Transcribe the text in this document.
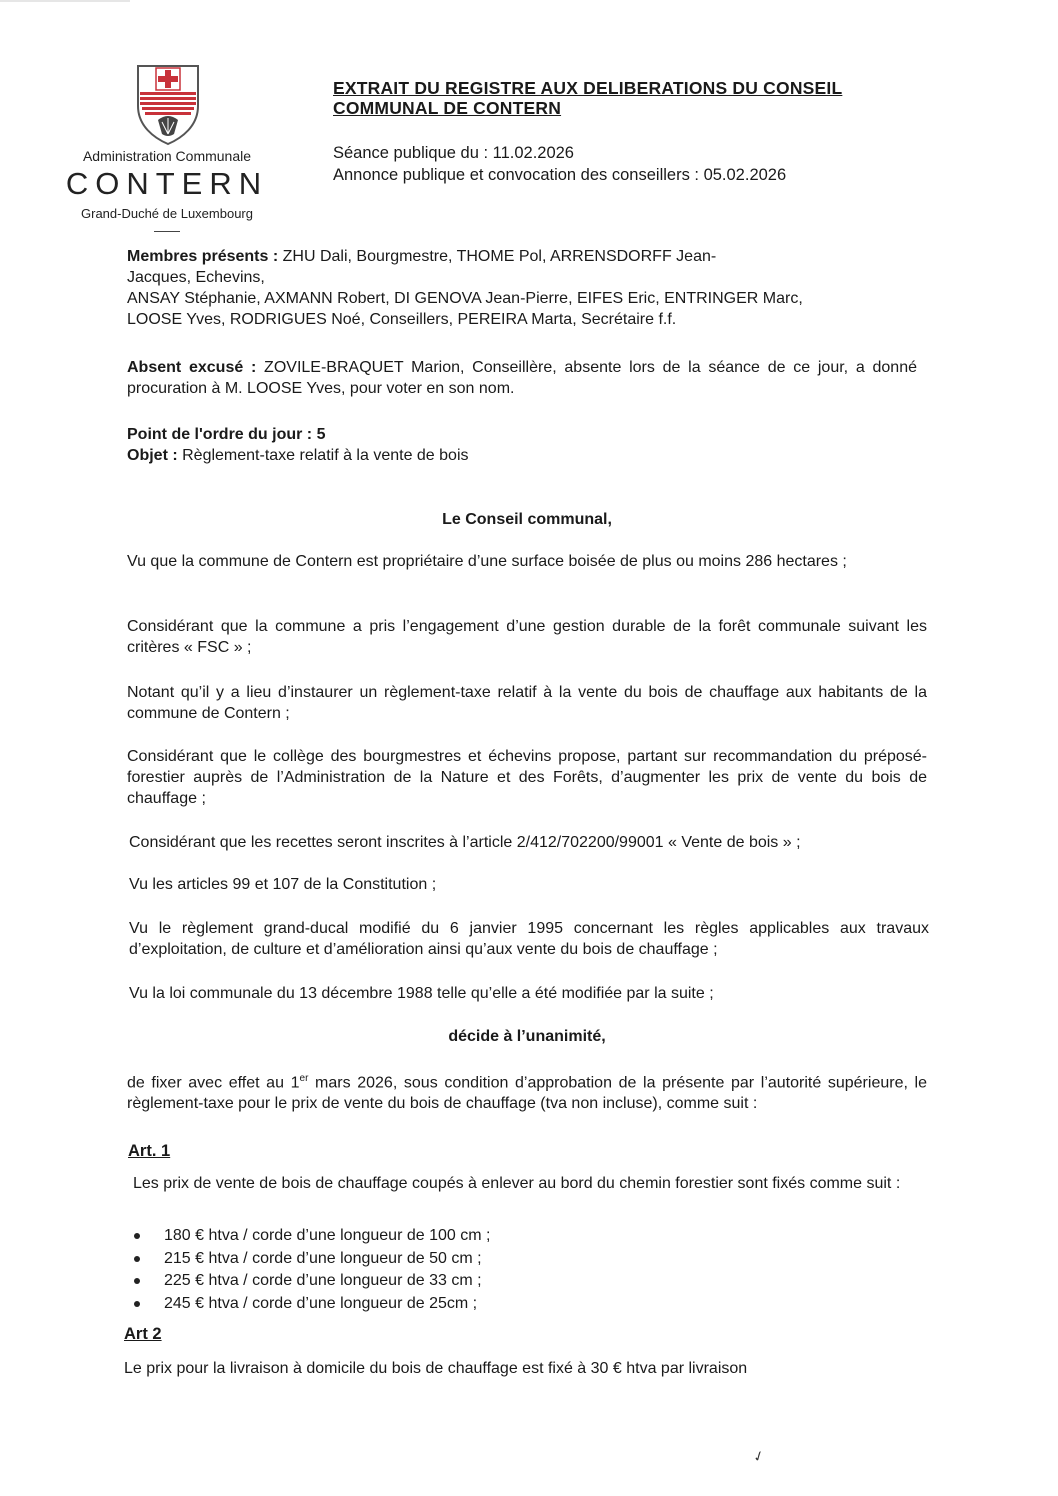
Administration Communale
CONTERN
Grand-Duché de Luxembourg
EXTRAIT DU REGISTRE AUX DELIBERATIONS DU CONSEIL
COMMUNAL DE CONTERN
Séance publique du : 11.02.2026
Annonce publique et convocation des conseillers : 05.02.2026
Membres présents : ZHU Dali, Bourgmestre, THOME Pol, ARRENSDORFF Jean-
Jacques, Echevins,
ANSAY Stéphanie, AXMANN Robert, DI GENOVA Jean-Pierre, EIFES Eric, ENTRINGER Marc,
LOOSE Yves, RODRIGUES Noé, Conseillers, PEREIRA Marta, Secrétaire f.f.
Absent excusé : ZOVILE-BRAQUET Marion, Conseillère, absente lors de la séance de ce jour, a donné procuration à M. LOOSE Yves, pour voter en son nom.
Point de l'ordre du jour : 5
Objet : Règlement-taxe relatif à la vente de bois
Le Conseil communal,
Vu que la commune de Contern est propriétaire d’une surface boisée de plus ou moins 286 hectares ;
Considérant que la commune a pris l’engagement d’une gestion durable de la forêt communale suivant les critères « FSC » ;
Notant qu’il y a lieu d’instaurer un règlement-taxe relatif à la vente du bois de chauffage aux habitants de la commune de Contern ;
Considérant que le collège des bourgmestres et échevins propose, partant sur recommandation du préposé-forestier auprès de l’Administration de la Nature et des Forêts, d’augmenter les prix de vente du bois de chauffage ;
Considérant que les recettes seront inscrites à l’article 2/412/702200/99001 « Vente de bois » ;
Vu les articles 99 et 107 de la Constitution ;
Vu le règlement grand-ducal modifié du 6 janvier 1995 concernant les règles applicables aux travaux d’exploitation, de culture et d’amélioration ainsi qu’aux vente du bois de chauffage ;
Vu la loi communale du 13 décembre 1988 telle qu’elle a été modifiée par la suite ;
décide à l’unanimité,
de fixer avec effet au 1er mars 2026, sous condition d’approbation de la présente par l’autorité supérieure, le règlement-taxe pour le prix de vente du bois de chauffage (tva non incluse), comme suit :
Art. 1
Les prix de vente de bois de chauffage coupés à enlever au bord du chemin forestier sont fixés comme suit :
180 € htva / corde d’une longueur de 100 cm ;
215 € htva / corde d’une longueur de 50 cm ;
225 € htva / corde d’une longueur de 33 cm ;
245 € htva / corde d’une longueur de 25cm ;
Art 2
Le prix pour la livraison à domicile du bois de chauffage est fixé à 30 € htva par livraison
✓
